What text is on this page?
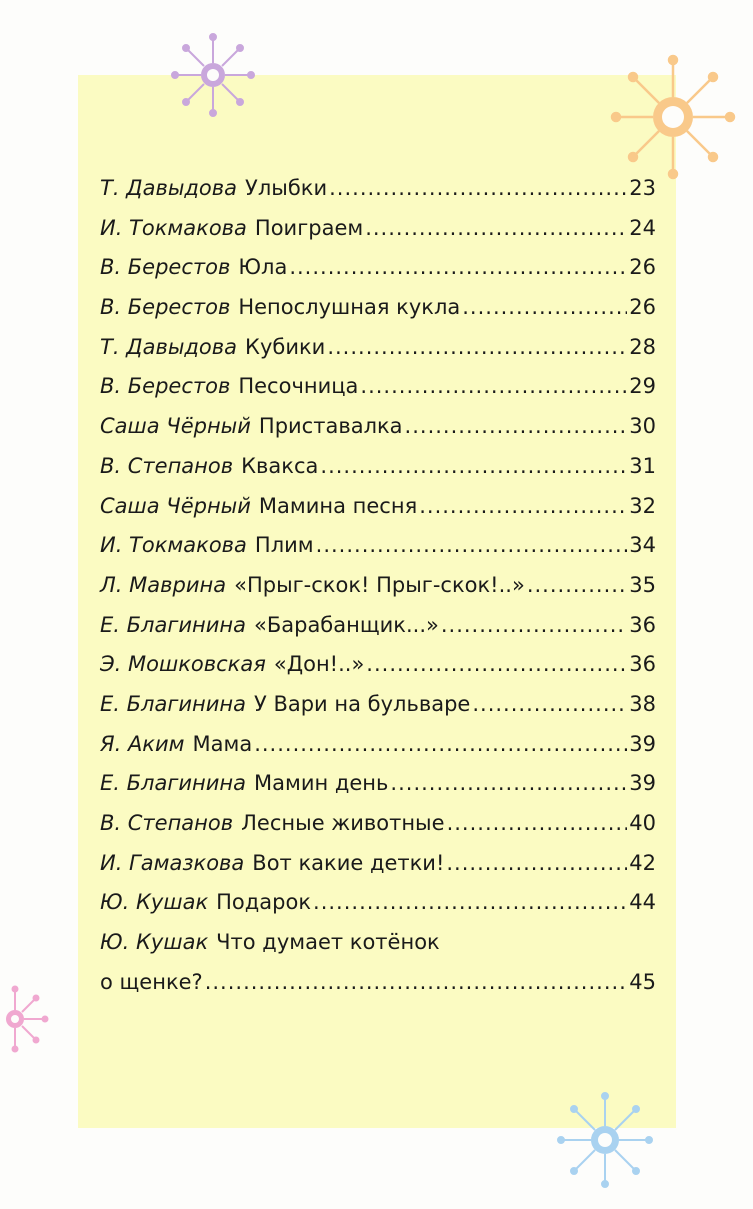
Т. Давыдова Улыбки .....	23
И. Токмакова Поиграем .....	24
В. Берестов Юла .....	26
В. Берестов Непослушная кукла .....	26
Т. Давыдова Кубики .....	28
В. Берестов Песочница .....	29
Саша Чёрный Приставалка .....	30
В. Степанов Квакса .....	31
Саша Чёрный Мамина песня .....	32
И. Токмакова Плим .....	34
Л. Маврина «Прыг-скок! Прыг-скок!..» .....	35
Е. Благинина «Барабанщик...» .....	36
Э. Мошковская «Дон!..» .....	36
Е. Благинина У Вари на бульваре .....	38
Я. Аким Мама .....	39
Е. Благинина Мамин день .....	39
В. Степанов Лесные животные .....	40
И. Гамазкова Вот какие детки! .....	42
Ю. Кушак Подарок .....	44
Ю. Кушак Что думает котёнок
о щенке? .....	45
